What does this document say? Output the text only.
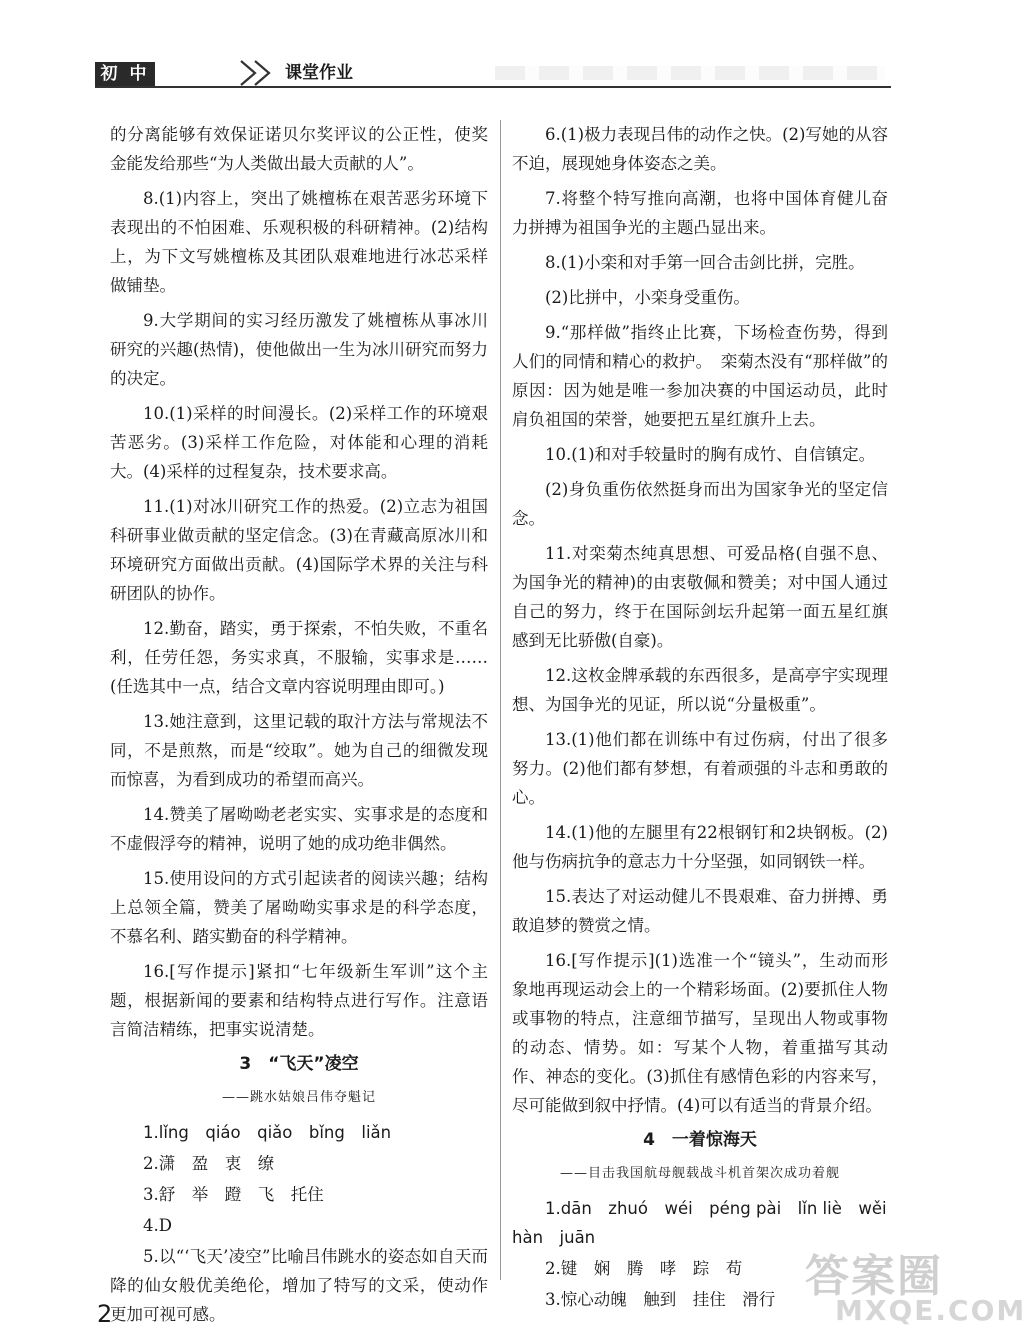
初 中	课堂作业

的分离能够有效保证诺贝尔奖评议的公正性，使奖金能发给那些“为人类做出最大贡献的人”。

8.(1)内容上，突出了姚檀栋在艰苦恶劣环境下表现出的不怕困难、乐观积极的科研精神。(2)结构上，为下文写姚檀栋及其团队艰难地进行冰芯采样做铺垫。

9.大学期间的实习经历激发了姚檀栋从事冰川研究的兴趣(热情)，使他做出一生为冰川研究而努力的决定。

10.(1)采样的时间漫长。(2)采样工作的环境艰苦恶劣。(3)采样工作危险，对体能和心理的消耗大。(4)采样的过程复杂，技术要求高。

11.(1)对冰川研究工作的热爱。(2)立志为祖国科研事业做贡献的坚定信念。(3)在青藏高原冰川和环境研究方面做出贡献。(4)国际学术界的关注与科研团队的协作。

12.勤奋，踏实，勇于探索，不怕失败，不重名利，任劳任怨，务实求真，不服输，实事求是……(任选其中一点，结合文章内容说明理由即可。)

13.她注意到，这里记载的取汁方法与常规法不同，不是煎熬，而是“绞取”。她为自己的细微发现而惊喜，为看到成功的希望而高兴。

14.赞美了屠呦呦老老实实、实事求是的态度和不虚假浮夸的精神，说明了她的成功绝非偶然。

15.使用设问的方式引起读者的阅读兴趣；结构上总领全篇，赞美了屠呦呦实事求是的科学态度，不慕名利、踏实勤奋的科学精神。

16.[写作提示]紧扣“七年级新生军训”这个主题，根据新闻的要素和结构特点进行写作。注意语言简洁精练，把事实说清楚。

3　“飞天”凌空
——跳水姑娘吕伟夺魁记
1.lǐng　qiáo　qiǎo　bǐng　liǎn
2.潇　盈　衷　缭
3.舒　举　蹬　飞　托住
4.D

5.以“‘飞天’凌空”比喻吕伟跳水的姿态如自天而降的仙女般优美绝伦，增加了特写的文采，使动作更加可视可感。

6.(1)极力表现吕伟的动作之快。(2)写她的从容不迫，展现她身体姿态之美。

7.将整个特写推向高潮，也将中国体育健儿奋力拼搏为祖国争光的主题凸显出来。

8.(1)小栾和对手第一回合击剑比拼，完胜。

(2)比拼中，小栾身受重伤。

9.“那样做”指终止比赛，下场检查伤势，得到人们的同情和精心的救护。　栾菊杰没有“那样做”的原因：因为她是唯一参加决赛的中国运动员，此时肩负祖国的荣誉，她要把五星红旗升上去。

10.(1)和对手较量时的胸有成竹、自信镇定。

(2)身负重伤依然挺身而出为国家争光的坚定信念。

11.对栾菊杰纯真思想、可爱品格(自强不息、为国争光的精神)的由衷敬佩和赞美；对中国人通过自己的努力，终于在国际剑坛升起第一面五星红旗感到无比骄傲(自豪)。

12.这枚金牌承载的东西很多，是高亭宇实现理想、为国争光的见证，所以说“分量极重”。

13.(1)他们都在训练中有过伤病，付出了很多努力。(2)他们都有梦想，有着顽强的斗志和勇敢的心。

14.(1)他的左腿里有22根钢钉和2块钢板。(2)他与伤病抗争的意志力十分坚强，如同钢铁一样。

15.表达了对运动健儿不畏艰难、奋力拼搏、勇敢追梦的赞赏之情。

16.[写作提示](1)选准一个“镜头”，生动而形象地再现运动会上的一个精彩场面。(2)要抓住人物或事物的特点，注意细节描写，呈现出人物或事物的动态、情势。如：写某个人物，着重描写其动作、神态的变化。(3)抓住有感情色彩的内容来写，尽可能做到叙中抒情。(4)可以有适当的背景介绍。

4　一着惊海天
——目击我国航母舰载战斗机首架次成功着舰
1.dān　zhuó　wéi　péng pài　lǐn liè　wěi hàn　juān
2.键　娴　腾　哮　踪　苟
3.惊心动魄　触到　挂住　滑行
2
答案圈
MXQE.COM
